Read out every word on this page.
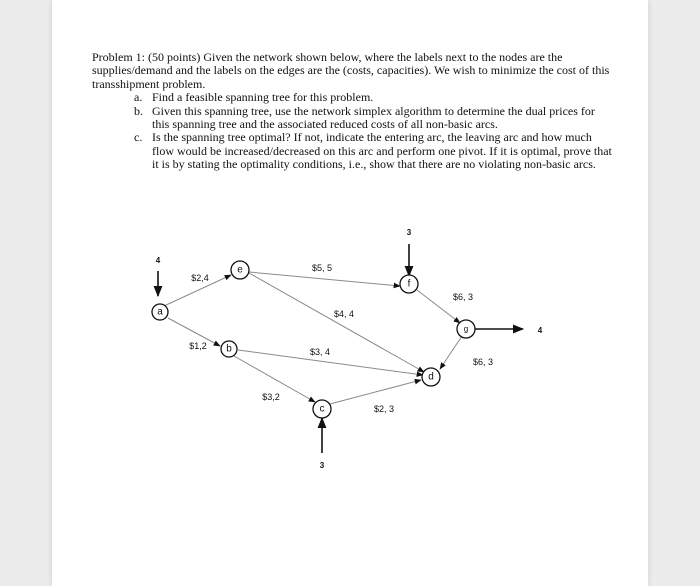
Problem 1: (50 points) Given the network shown below, where the labels next to the nodes are the supplies/demand and the labels on the edges are the (costs, capacities). We wish to minimize the cost of this transshipment problem.

a. Find a feasible spanning tree for this problem.
b. Given this spanning tree, use the network simplex algorithm to determine the dual prices for this spanning tree and the associated reduced costs of all non-basic arcs.
c. Is the spanning tree optimal? If not, indicate the entering arc, the leaving arc and how much flow would be increased/decreased on this arc and perform one pivot. If it is optimal, prove that it is by stating the optimality conditions, i.e., show that there are no violating non-basic arcs.
a
e
b
f
g
d
c
4
3
4
3
$2,4
$1,2
$5, 5
$4, 4
$3, 4
$3,2
$6, 3
$6, 3
$2, 3
